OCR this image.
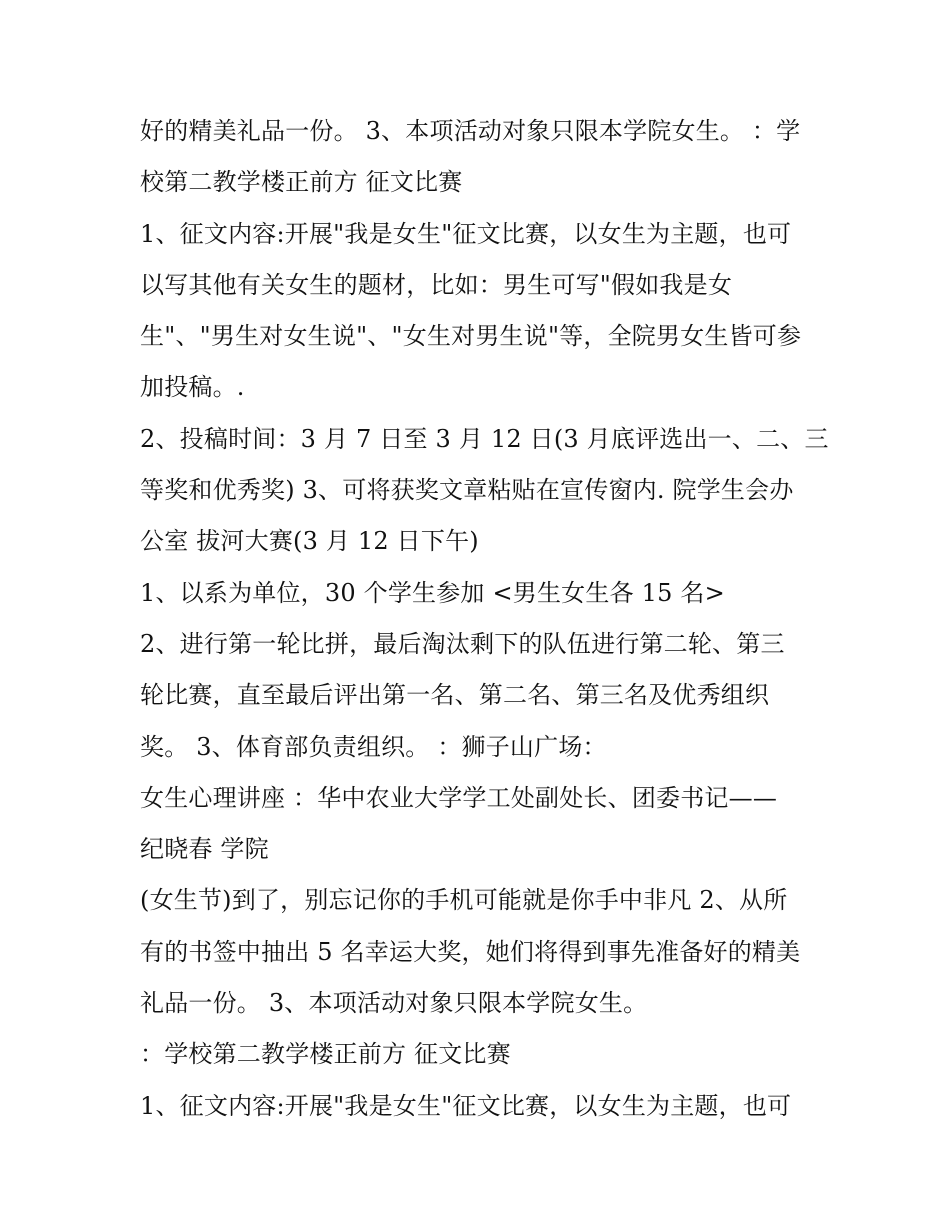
好的精美礼品一份。 3、本项活动对象只限本学院女生。 ：学
校第二教学楼正前方 征文比赛
1、征文内容:开展"我是女生"征文比赛，以女生为主题，也可
以写其他有关女生的题材，比如：男生可写"假如我是女
生"、"男生对女生说"、"女生对男生说"等，全院男女生皆可参
加投稿。.
2、投稿时间：3 月 7 日至 3 月 12 日(3 月底评选出一、二、三
等奖和优秀奖) 3、可将获奖文章粘贴在宣传窗内. 院学生会办
公室 拔河大赛(3 月 12 日下午)
1、以系为单位，30 个学生参加 <男生女生各 15 名>
2、进行第一轮比拼，最后淘汰剩下的队伍进行第二轮、第三
轮比赛，直至最后评出第一名、第二名、第三名及优秀组织
奖。 3、体育部负责组织。 ：狮子山广场：
女生心理讲座 ：华中农业大学学工处副处长、团委书记——
纪晓春 学院
(女生节)到了，别忘记你的手机可能就是你手中非凡 2、从所
有的书签中抽出 5 名幸运大奖，她们将得到事先准备好的精美
礼品一份。 3、本项活动对象只限本学院女生。
：学校第二教学楼正前方 征文比赛
1、征文内容:开展"我是女生"征文比赛，以女生为主题，也可
